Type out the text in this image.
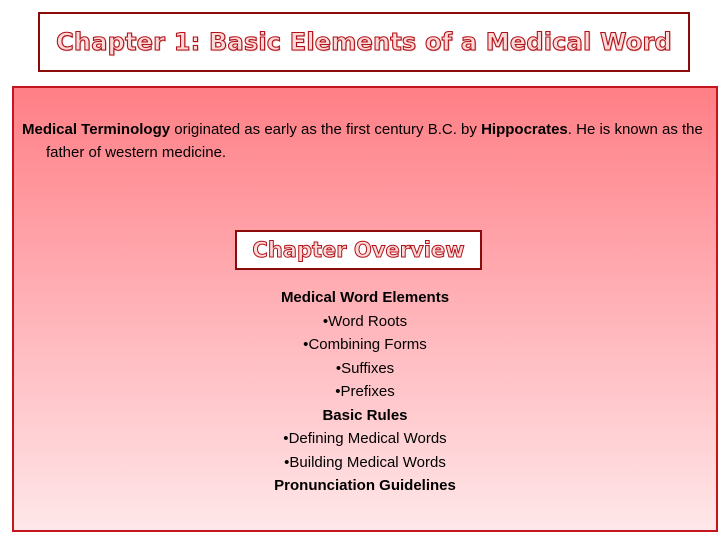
Chapter 1: Basic Elements of a Medical Word

Medical Terminology originated as early as the first century B.C. by Hippocrates. He is known as the father of western medicine.

Chapter Overview
Medical Word Elements
• Word Roots
• Combining Forms
• Suffixes
• Prefixes
Basic Rules
• Defining Medical Words
• Building Medical Words
Pronunciation Guidelines
